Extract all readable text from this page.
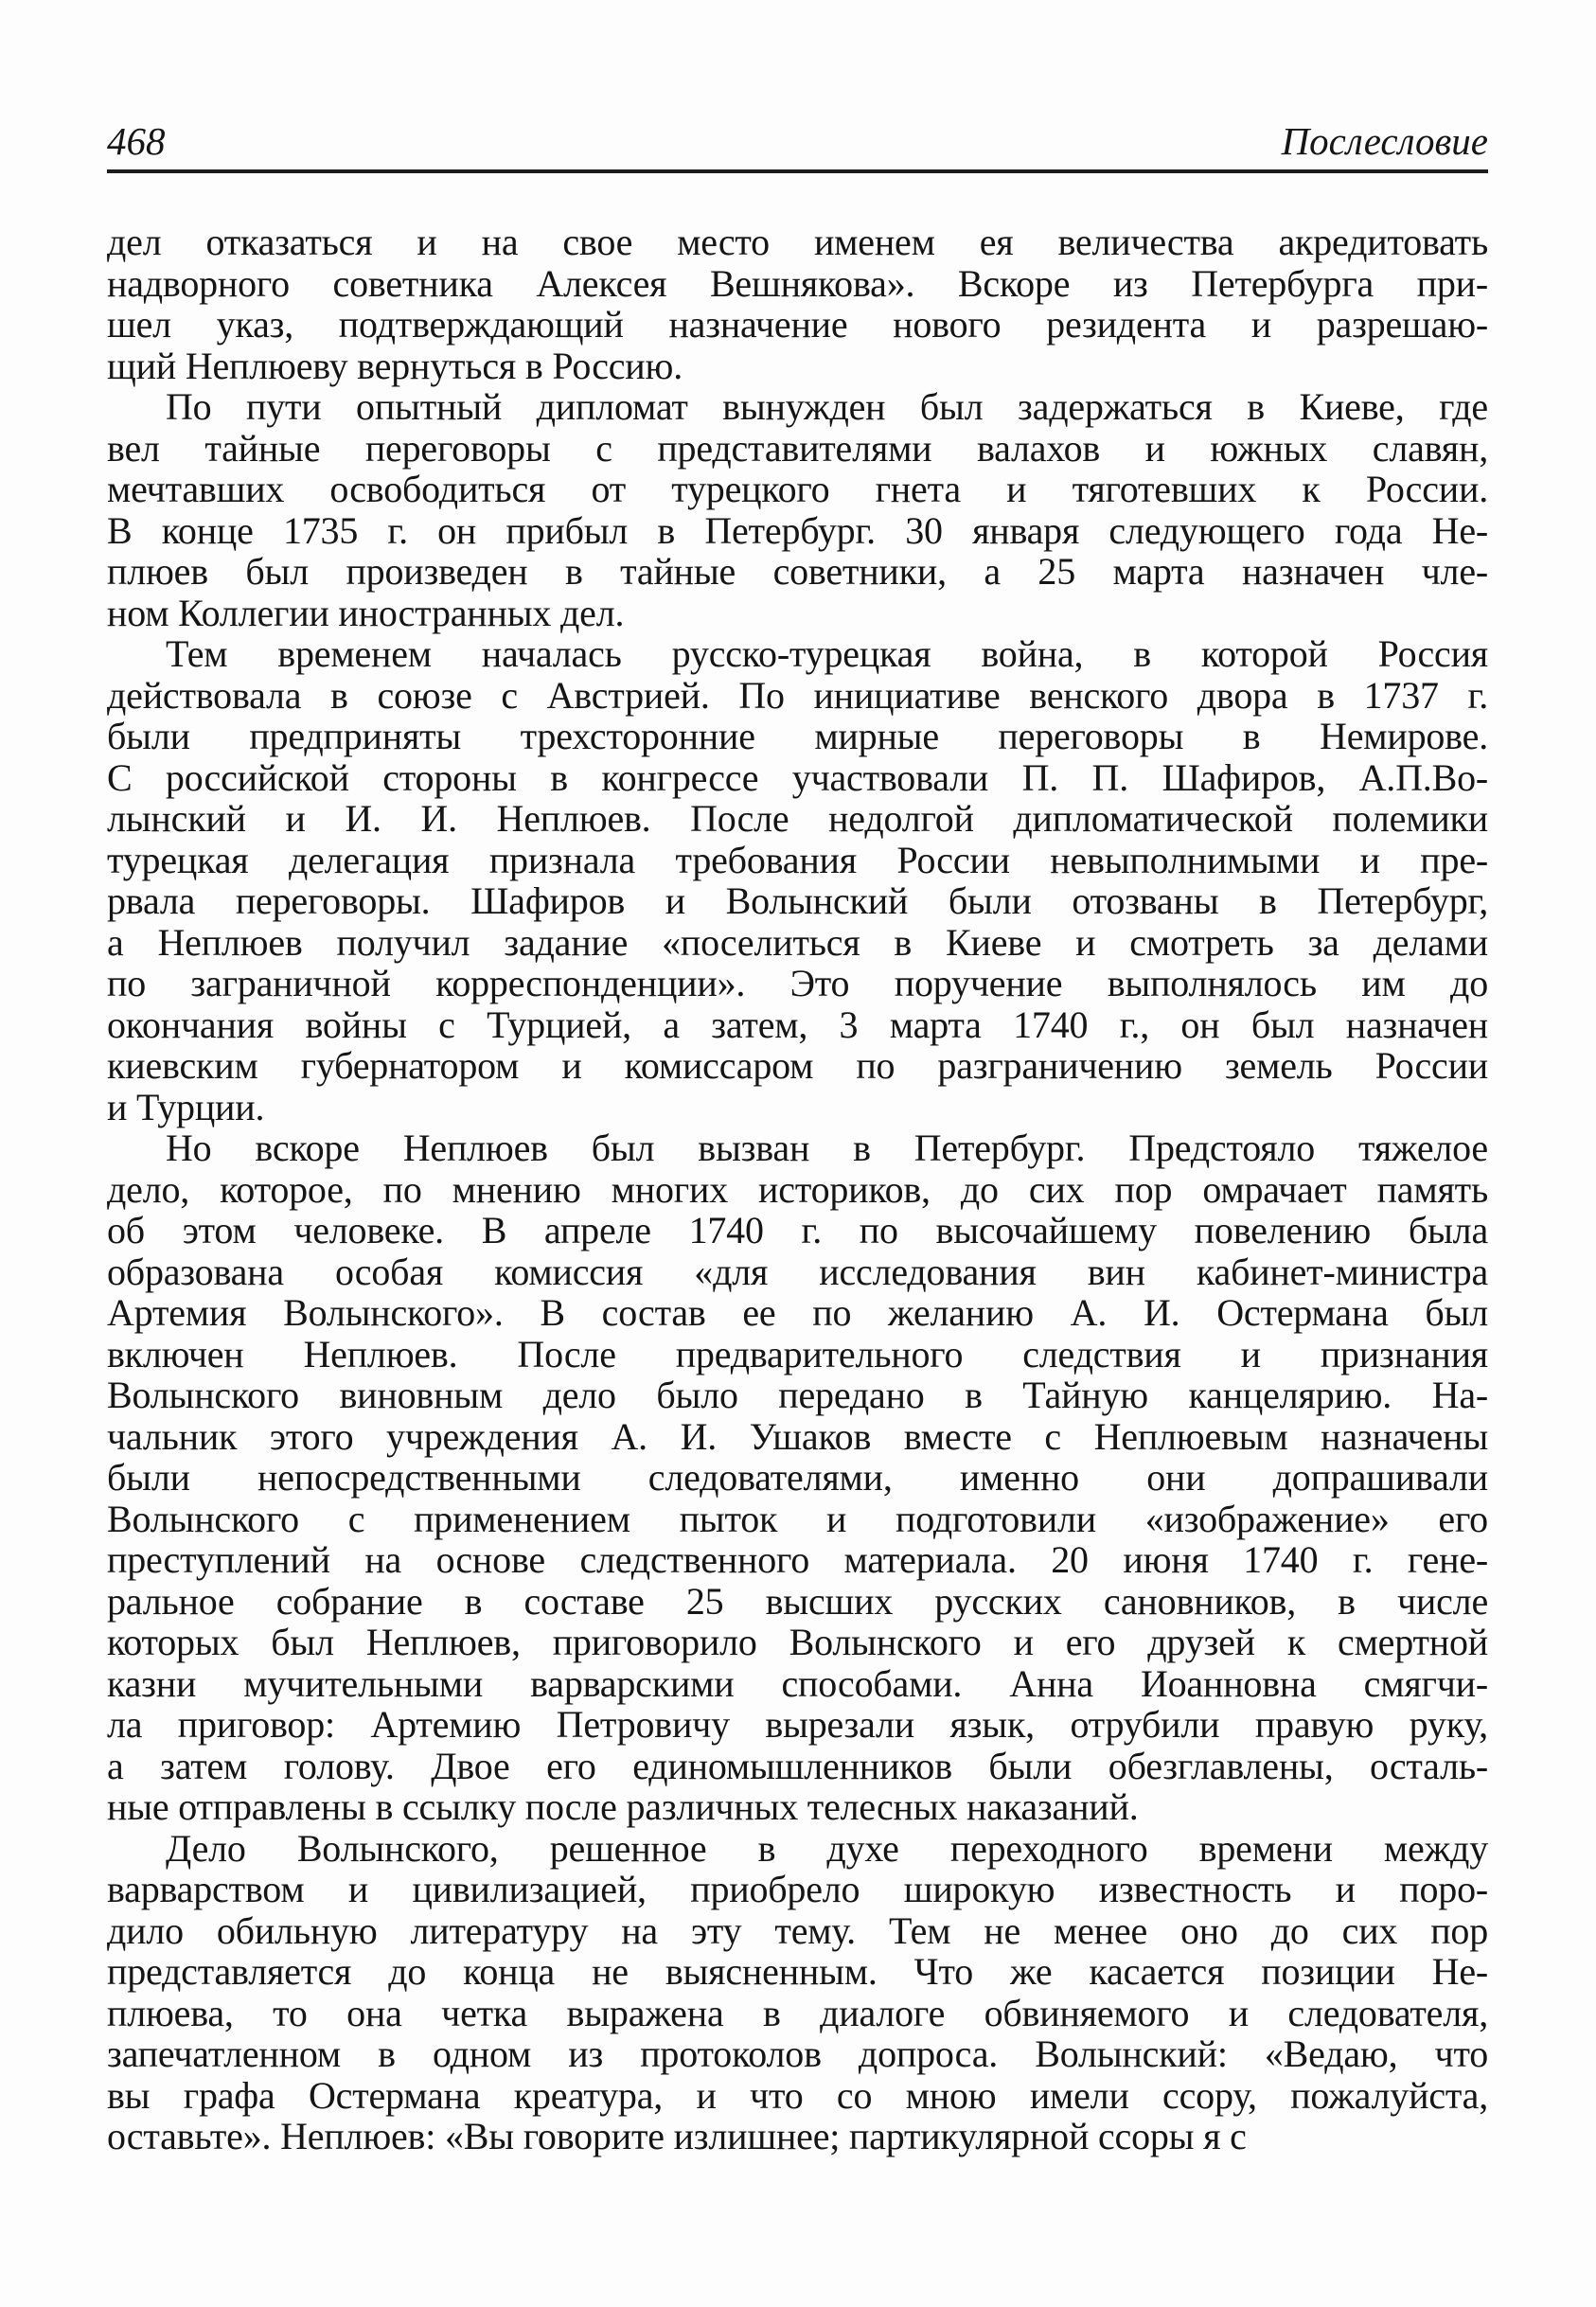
468	Послесловие
дел отказаться и на свое место именем ея величества акредитовать
надворного советника Алексея Вешнякова». Вскоре из Петербурга при-
шел указ, подтверждающий назначение нового резидента и разрешаю-
щий Неплюеву вернуться в Россию.
По пути опытный дипломат вынужден был задержаться в Киеве, где
вел тайные переговоры с представителями валахов и южных славян,
мечтавших освободиться от турецкого гнета и тяготевших к России.
В конце 1735 г. он прибыл в Петербург. 30 января следующего года Не-
плюев был произведен в тайные советники, а 25 марта назначен чле-
ном Коллегии иностранных дел.
Тем временем началась русско-турецкая война, в которой Россия
действовала в союзе с Австрией. По инициативе венского двора в 1737 г.
были предприняты трехсторонние мирные переговоры в Немирове.
С российской стороны в конгрессе участвовали П. П. Шафиров, А.П.Во-
лынский и И. И. Неплюев. После недолгой дипломатической полемики
турецкая делегация признала требования России невыполнимыми и пре-
рвала переговоры. Шафиров и Волынский были отозваны в Петербург,
а Неплюев получил задание «поселиться в Киеве и смотреть за делами
по заграничной корреспонденции». Это поручение выполнялось им до
окончания войны с Турцией, а затем, 3 марта 1740 г., он был назначен
киевским губернатором и комиссаром по разграничению земель России
и Турции.
Но вскоре Неплюев был вызван в Петербург. Предстояло тяжелое
дело, которое, по мнению многих историков, до сих пор омрачает память
об этом человеке. В апреле 1740 г. по высочайшему повелению была
образована особая комиссия «для исследования вин кабинет-министра
Артемия Волынского». В состав ее по желанию А. И. Остермана был
включен Неплюев. После предварительного следствия и признания
Волынского виновным дело было передано в Тайную канцелярию. На-
чальник этого учреждения А. И. Ушаков вместе с Неплюевым назначены
были непосредственными следователями, именно они допрашивали
Волынского с применением пыток и подготовили «изображение» его
преступлений на основе следственного материала. 20 июня 1740 г. гене-
ральное собрание в составе 25 высших русских сановников, в числе
которых был Неплюев, приговорило Волынского и его друзей к смертной
казни мучительными варварскими способами. Анна Иоанновна смягчи-
ла приговор: Артемию Петровичу вырезали язык, отрубили правую руку,
а затем голову. Двое его единомышленников были обезглавлены, осталь-
ные отправлены в ссылку после различных телесных наказаний.
Дело Волынского, решенное в духе переходного времени между
варварством и цивилизацией, приобрело широкую известность и поро-
дило обильную литературу на эту тему. Тем не менее оно до сих пор
представляется до конца не выясненным. Что же касается позиции Не-
плюева, то она четка выражена в диалоге обвиняемого и следователя,
запечатленном в одном из протоколов допроса. Волынский: «Ведаю, что
вы графа Остермана креатура, и что со мною имели ссору, пожалуйста,
оставьте». Неплюев: «Вы говорите излишнее; партикулярной ссоры я с
